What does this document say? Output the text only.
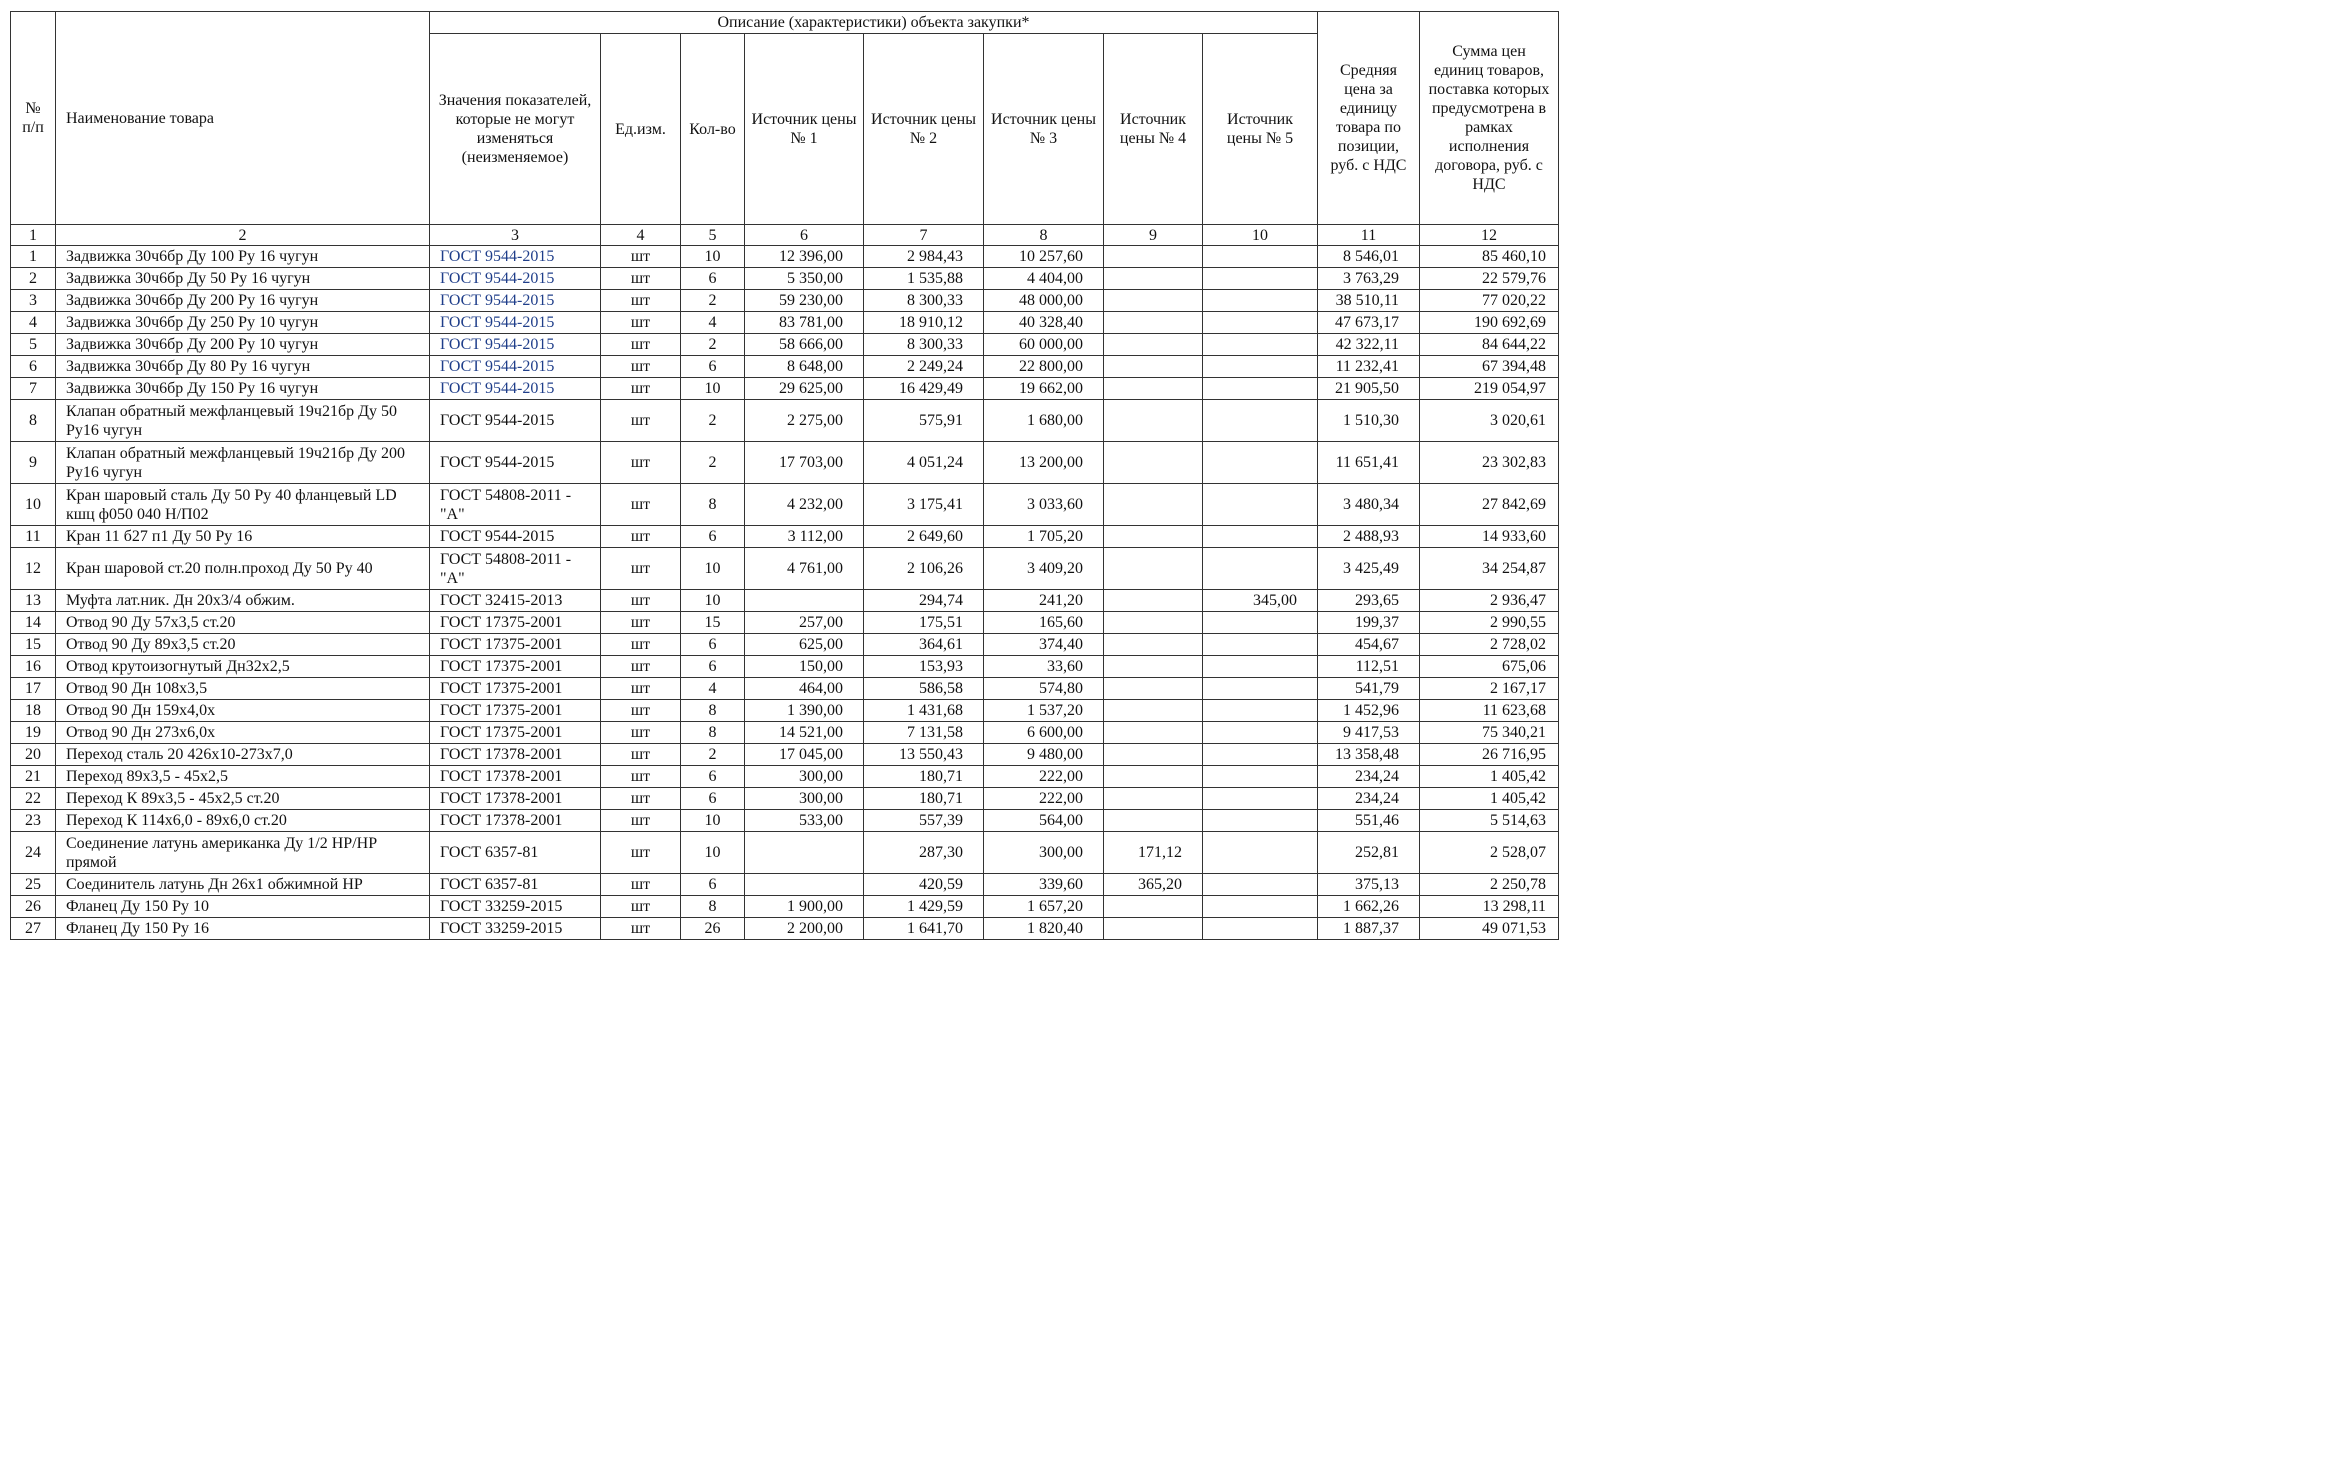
№ п/п	Наименование товара	Описание (характеристики) объекта закупки*								Средняя цена за единицу товара по позиции, руб. с НДС	Сумма цен единиц товаров, поставка которых предусмотрена в рамках исполнения договора, руб. с НДС
		Значения показателей, которые не могут изменяться (неизменяемое)	Ед.изм.	Кол-во	Источник цены № 1	Источник цены № 2	Источник цены № 3	Источник цены № 4	Источник цены № 5		
1	2	3	4	5	6	7	8	9	10	11	12
1	Задвижка 30ч6бр Ду 100 Ру 16 чугун	ГОСТ 9544-2015	шт	10	12 396,00	2 984,43	10 257,60			8 546,01	85 460,10
2	Задвижка 30ч6бр Ду 50 Ру 16 чугун	ГОСТ 9544-2015	шт	6	5 350,00	1 535,88	4 404,00			3 763,29	22 579,76
3	Задвижка 30ч6бр Ду 200 Ру 16 чугун	ГОСТ 9544-2015	шт	2	59 230,00	8 300,33	48 000,00			38 510,11	77 020,22
4	Задвижка 30ч6бр Ду 250 Ру 10 чугун	ГОСТ 9544-2015	шт	4	83 781,00	18 910,12	40 328,40			47 673,17	190 692,69
5	Задвижка 30ч6бр Ду 200 Ру 10 чугун	ГОСТ 9544-2015	шт	2	58 666,00	8 300,33	60 000,00			42 322,11	84 644,22
6	Задвижка 30ч6бр Ду 80 Ру 16 чугун	ГОСТ 9544-2015	шт	6	8 648,00	2 249,24	22 800,00			11 232,41	67 394,48
7	Задвижка 30ч6бр Ду 150 Ру 16 чугун	ГОСТ 9544-2015	шт	10	29 625,00	16 429,49	19 662,00			21 905,50	219 054,97
8	Клапан обратный межфланцевый 19ч21бр Ду 50 Ру16 чугун	ГОСТ 9544-2015	шт	2	2 275,00	575,91	1 680,00			1 510,30	3 020,61
9	Клапан обратный межфланцевый 19ч21бр Ду 200 Ру16 чугун	ГОСТ 9544-2015	шт	2	17 703,00	4 051,24	13 200,00			11 651,41	23 302,83
10	Кран шаровый сталь Ду 50 Ру 40 фланцевый LD кшц ф050 040 Н/П02	ГОСТ 54808-2011 - "А"	шт	8	4 232,00	3 175,41	3 033,60			3 480,34	27 842,69
11	Кран 11 б27 п1 Ду 50 Ру 16	ГОСТ 9544-2015	шт	6	3 112,00	2 649,60	1 705,20			2 488,93	14 933,60
12	Кран шаровой ст.20 полн.проход Ду 50 Ру 40	ГОСТ 54808-2011 - "А"	шт	10	4 761,00	2 106,26	3 409,20			3 425,49	34 254,87
13	Муфта лат.ник. Дн 20х3/4 обжим.	ГОСТ 32415-2013	шт	10		294,74	241,20		345,00	293,65	2 936,47
14	Отвод 90 Ду 57х3,5 ст.20	ГОСТ 17375-2001	шт	15	257,00	175,51	165,60			199,37	2 990,55
15	Отвод 90 Ду 89х3,5 ст.20	ГОСТ 17375-2001	шт	6	625,00	364,61	374,40			454,67	2 728,02
16	Отвод крутоизогнутый Дн32х2,5	ГОСТ 17375-2001	шт	6	150,00	153,93	33,60			112,51	675,06
17	Отвод 90 Дн 108х3,5	ГОСТ 17375-2001	шт	4	464,00	586,58	574,80			541,79	2 167,17
18	Отвод 90 Дн 159х4,0х	ГОСТ 17375-2001	шт	8	1 390,00	1 431,68	1 537,20			1 452,96	11 623,68
19	Отвод 90 Дн 273х6,0х	ГОСТ 17375-2001	шт	8	14 521,00	7 131,58	6 600,00			9 417,53	75 340,21
20	Переход сталь 20 426х10-273х7,0	ГОСТ 17378-2001	шт	2	17 045,00	13 550,43	9 480,00			13 358,48	26 716,95
21	Переход 89х3,5 - 45х2,5	ГОСТ 17378-2001	шт	6	300,00	180,71	222,00			234,24	1 405,42
22	Переход К 89х3,5 - 45х2,5 ст.20	ГОСТ 17378-2001	шт	6	300,00	180,71	222,00			234,24	1 405,42
23	Переход К 114х6,0 - 89х6,0 ст.20	ГОСТ 17378-2001	шт	10	533,00	557,39	564,00			551,46	5 514,63
24	Соединение латунь американка Ду 1/2 НР/НР прямой	ГОСТ 6357-81	шт	10		287,30	300,00	171,12		252,81	2 528,07
25	Соединитель латунь Дн 26х1 обжимной НР	ГОСТ 6357-81	шт	6		420,59	339,60	365,20		375,13	2 250,78
26	Фланец Ду 150 Ру 10	ГОСТ 33259-2015	шт	8	1 900,00	1 429,59	1 657,20			1 662,26	13 298,11
27	Фланец Ду 150 Ру 16	ГОСТ 33259-2015	шт	26	2 200,00	1 641,70	1 820,40			1 887,37	49 071,53
